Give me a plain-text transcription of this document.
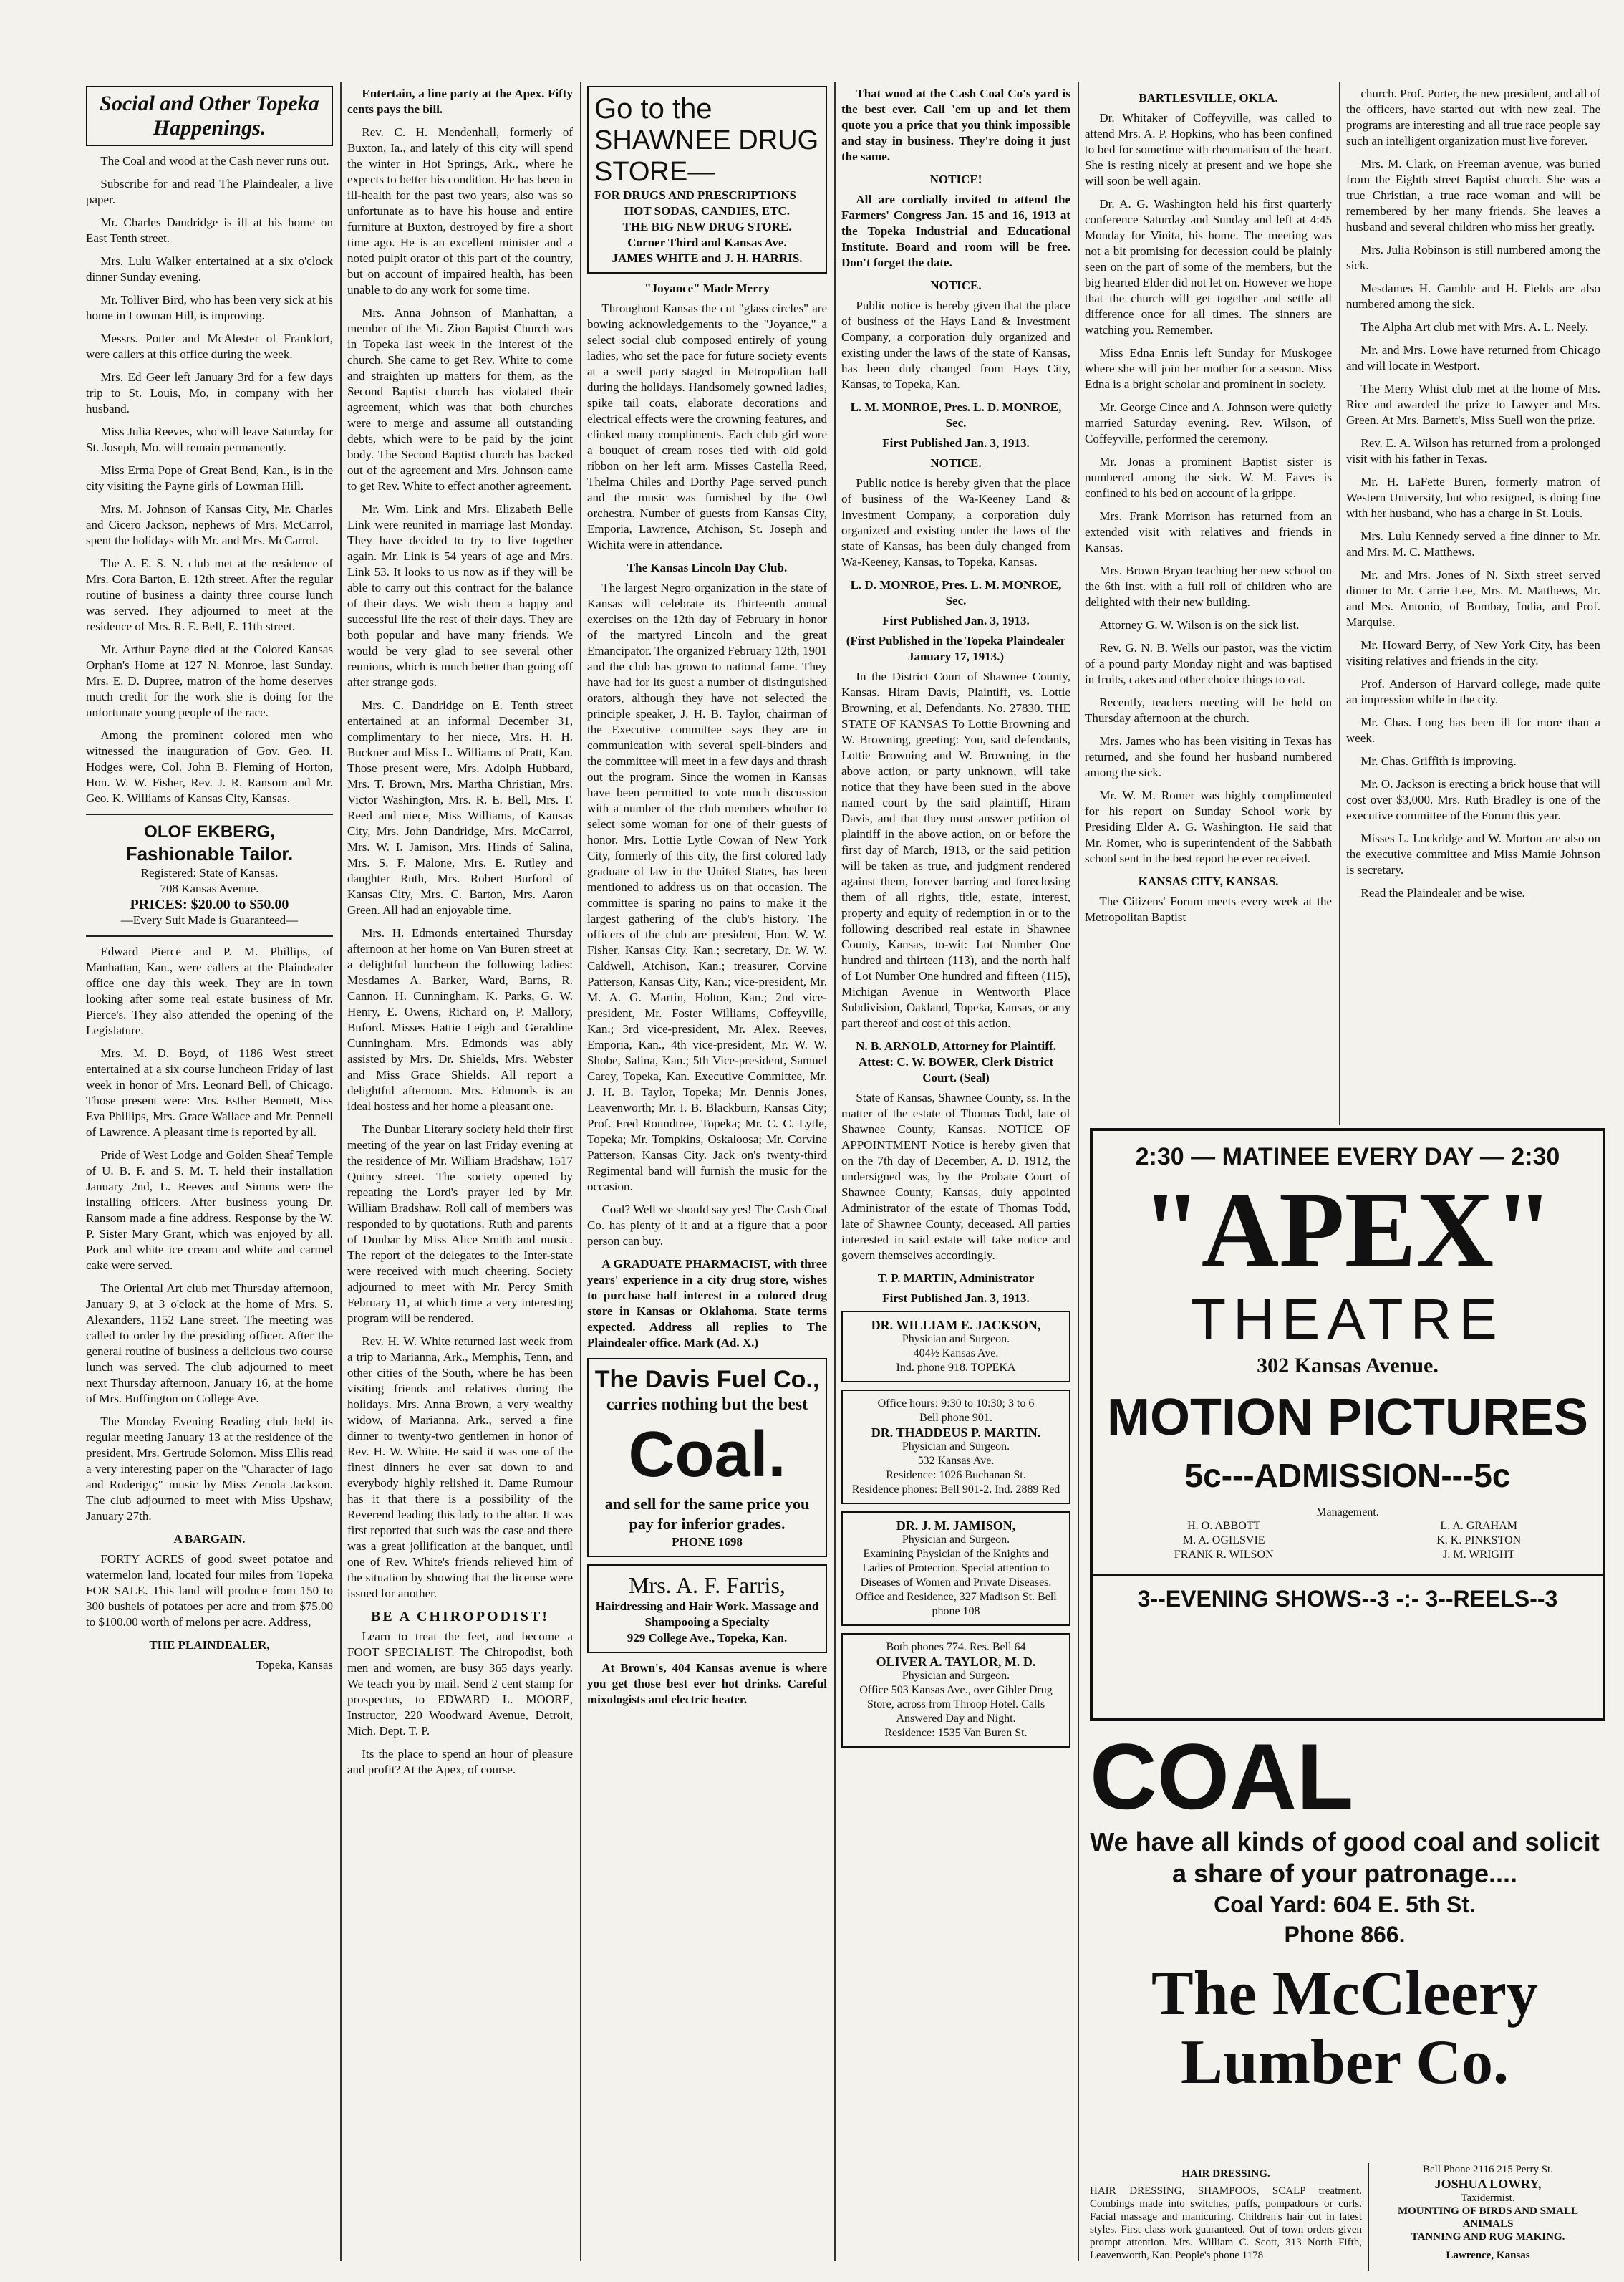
Social and Other Topeka Happenings.

The Coal and wood at the Cash never runs out.

Subscribe for and read The Plaindealer, a live paper.

Mr. Charles Dandridge is ill at his home on East Tenth street.

Mrs. Lulu Walker entertained at a six o'clock dinner Sunday evening.

Mr. Tolliver Bird, who has been very sick at his home in Lowman Hill, is improving.

Messrs. Potter and McAlester of Frankfort, were callers at this office during the week.

Mrs. Ed Geer left January 3rd for a few days trip to St. Louis, Mo, in company with her husband.

Miss Julia Reeves, who will leave Saturday for St. Joseph, Mo. will remain permanently.

Miss Erma Pope of Great Bend, Kan., is in the city visiting the Payne girls of Lowman Hill.

Mrs. M. Johnson of Kansas City, Mr. Charles and Cicero Jackson, nephews of Mrs. McCarrol, spent the holidays with Mr. and Mrs. McCarrol.

The A. E. S. N. club met at the residence of Mrs. Cora Barton, E. 12th street. After the regular routine of business a dainty three course lunch was served. They adjourned to meet at the residence of Mrs. R. E. Bell, E. 11th street.

Mr. Arthur Payne died at the Colored Kansas Orphan's Home at 127 N. Monroe, last Sunday. Mrs. E. D. Dupree, matron of the home deserves much credit for the work she is doing for the unfortunate young people of the race.

Among the prominent colored men who witnessed the inauguration of Gov. Geo. H. Hodges were, Col. John B. Fleming of Horton, Hon. W. W. Fisher, Rev. J. R. Ransom and Mr. Geo. K. Williams of Kansas City, Kansas.

OLOF EKBERG,
Fashionable Tailor.
Registered: State of Kansas.
708 Kansas Avenue.
PRICES: $20.00 to $50.00
—Every Suit Made is Guaranteed—

Edward Pierce and P. M. Phillips, of Manhattan, Kan., were callers at the Plaindealer office one day this week. They are in town looking after some real estate business of Mr. Pierce's. They also attended the opening of the Legislature.

Mrs. M. D. Boyd, of 1186 West street entertained at a six course luncheon Friday of last week in honor of Mrs. Leonard Bell, of Chicago. Those present were: Mrs. Esther Bennett, Miss Eva Phillips, Mrs. Grace Wallace and Mr. Pennell of Lawrence. A pleasant time is reported by all.

Pride of West Lodge and Golden Sheaf Temple of U. B. F. and S. M. T. held their installation January 2nd, L. Reeves and Simms were the installing officers. After business young Dr. Ransom made a fine address. Response by the W. P. Sister Mary Grant, which was enjoyed by all. Pork and white ice cream and white and carmel cake were served.

The Oriental Art club met Thursday afternoon, January 9, at 3 o'clock at the home of Mrs. S. Alexanders, 1152 Lane street. The meeting was called to order by the presiding officer. After the general routine of business a delicious two course lunch was served. The club adjourned to meet next Thursday afternoon, January 16, at the home of Mrs. Buffington on College Ave.

The Monday Evening Reading club held its regular meeting January 13 at the residence of the president, Mrs. Gertrude Solomon. Miss Ellis read a very interesting paper on the "Character of Iago and Roderigo;" music by Miss Zenola Jackson. The club adjourned to meet with Miss Upshaw, January 27th.

A BARGAIN.

FORTY ACRES of good sweet potatoe and watermelon land, located four miles from Topeka FOR SALE. This land will produce from 150 to 300 bushels of potatoes per acre and from $75.00 to $100.00 worth of melons per acre. Address,

THE PLAINDEALER,
Topeka, Kansas

Entertain, a line party at the Apex. Fifty cents pays the bill.

Rev. C. H. Mendenhall, formerly of Buxton, Ia., and lately of this city will spend the winter in Hot Springs, Ark., where he expects to better his condition. He has been in ill-health for the past two years, also was so unfortunate as to have his house and entire furniture at Buxton, destroyed by fire a short time ago. He is an excellent minister and a noted pulpit orator of this part of the country, but on account of impaired health, has been unable to do any work for some time.

Mrs. Anna Johnson of Manhattan, a member of the Mt. Zion Baptist Church was in Topeka last week in the interest of the church. She came to get Rev. White to come and straighten up matters for them, as the Second Baptist church has violated their agreement, which was that both churches were to merge and assume all outstanding debts, which were to be paid by the joint body. The Second Baptist church has backed out of the agreement and Mrs. Johnson came to get Rev. White to effect another agreement.

Mr. Wm. Link and Mrs. Elizabeth Belle Link were reunited in marriage last Monday. They have decided to try to live together again. Mr. Link is 54 years of age and Mrs. Link 53. It looks to us now as if they will be able to carry out this contract for the balance of their days. We wish them a happy and successful life the rest of their days. They are both popular and have many friends. We would be very glad to see several other reunions, which is much better than going off after strange gods.

Mrs. C. Dandridge on E. Tenth street entertained at an informal December 31, complimentary to her niece, Mrs. H. H. Buckner and Miss L. Williams of Pratt, Kan. Those present were, Mrs. Adolph Hubbard, Mrs. T. Brown, Mrs. Martha Christian, Mrs. Victor Washington, Mrs. R. E. Bell, Mrs. T. Reed and niece, Miss Williams, of Kansas City, Mrs. John Dandridge, Mrs. McCarrol, Mrs. W. I. Jamison, Mrs. Hinds of Salina, Mrs. S. F. Malone, Mrs. E. Rutley and daughter Ruth, Mrs. Robert Burford of Kansas City, Mrs. C. Barton, Mrs. Aaron Green. All had an enjoyable time.

Mrs. H. Edmonds entertained Thursday afternoon at her home on Van Buren street at a delightful luncheon the following ladies: Mesdames A. Barker, Ward, Barns, R. Cannon, H. Cunningham, K. Parks, G. W. Henry, E. Owens, Richard on, P. Mallory, Buford. Misses Hattie Leigh and Geraldine Cunningham. Mrs. Edmonds was ably assisted by Mrs. Dr. Shields, Mrs. Webster and Miss Grace Shields. All report a delightful afternoon. Mrs. Edmonds is an ideal hostess and her home a pleasant one.

The Dunbar Literary society held their first meeting of the year on last Friday evening at the residence of Mr. William Bradshaw, 1517 Quincy street. The society opened by repeating the Lord's prayer led by Mr. William Bradshaw. Roll call of members was responded to by quotations. Ruth and parents of Dunbar by Miss Alice Smith and music. The report of the delegates to the Inter-state were received with much cheering. Society adjourned to meet with Mr. Percy Smith February 11, at which time a very interesting program will be rendered.

Rev. H. W. White returned last week from a trip to Marianna, Ark., Memphis, Tenn, and other cities of the South, where he has been visiting friends and relatives during the holidays. Mrs. Anna Brown, a very wealthy widow, of Marianna, Ark., served a fine dinner to twenty-two gentlemen in honor of Rev. H. W. White. He said it was one of the finest dinners he ever sat down to and everybody highly relished it. Dame Rumour has it that there is a possibility of the Reverend leading this lady to the altar. It was first reported that such was the case and there was a great jollification at the banquet, until one of Rev. White's friends relieved him of the situation by showing that the license were issued for another.

BE A CHIROPODIST!

Learn to treat the feet, and become a FOOT SPECIALIST. The Chiropodist, both men and women, are busy 365 days yearly. We teach you by mail. Send 2 cent stamp for prospectus, to EDWARD L. MOORE, Instructor, 220 Woodward Avenue, Detroit, Mich. Dept. T. P.

Its the place to spend an hour of pleasure and profit? At the Apex, of course.

Go to the
SHAWNEE DRUG STORE—
FOR DRUGS AND PRESCRIPTIONS
HOT SODAS, CANDIES, ETC.
THE BIG NEW DRUG STORE.
Corner Third and Kansas Ave.
JAMES WHITE and J. H. HARRIS.
"Joyance" Made Merry

Throughout Kansas the cut "glass circles" are bowing acknowledgements to the "Joyance," a select social club composed entirely of young ladies, who set the pace for future society events at a swell party staged in Metropolitan hall during the holidays. Handsomely gowned ladies, spike tail coats, elaborate decorations and electrical effects were the crowning features, and clinked many compliments. Each club girl wore a bouquet of cream roses tied with old gold ribbon on her left arm. Misses Castella Reed, Thelma Chiles and Dorthy Page served punch and the music was furnished by the Owl orchestra. Number of guests from Kansas City, Emporia, Lawrence, Atchison, St. Joseph and Wichita were in attendance.

The Kansas Lincoln Day Club.

The largest Negro organization in the state of Kansas will celebrate its Thirteenth annual exercises on the 12th day of February in honor of the martyred Lincoln and the great Emancipator. The organized February 12th, 1901 and the club has grown to national fame. They have had for its guest a number of distinguished orators, although they have not selected the principle speaker, J. H. B. Taylor, chairman of the Executive committee says they are in communication with several spell-binders and the committee will meet in a few days and thrash out the program. Since the women in Kansas have been permitted to vote much discussion with a number of the club members whether to select some woman for one of their guests of honor. Mrs. Lottie Lytle Cowan of New York City, formerly of this city, the first colored lady graduate of law in the United States, has been mentioned to address us on that occasion. The committee is sparing no pains to make it the largest gathering of the club's history. The officers of the club are president, Hon. W. W. Fisher, Kansas City, Kan.; secretary, Dr. W. W. Caldwell, Atchison, Kan.; treasurer, Corvine Patterson, Kansas City, Kan.; vice-president, Mr. M. A. G. Martin, Holton, Kan.; 2nd vice-president, Mr. Foster Williams, Coffeyville, Kan.; 3rd vice-president, Mr. Alex. Reeves, Emporia, Kan., 4th vice-president, Mr. W. W. Shobe, Salina, Kan.; 5th Vice-president, Samuel Carey, Topeka, Kan. Executive Committee, Mr. J. H. B. Taylor, Topeka; Mr. Dennis Jones, Leavenworth; Mr. I. B. Blackburn, Kansas City; Prof. Fred Roundtree, Topeka; Mr. C. C. Lytle, Topeka; Mr. Tompkins, Oskaloosa; Mr. Corvine Patterson, Kansas City. Jack on's twenty-third Regimental band will furnish the music for the occasion.

Coal? Well we should say yes! The Cash Coal Co. has plenty of it and at a figure that a poor person can buy.

A GRADUATE PHARMACIST, with three years' experience in a city drug store, wishes to purchase half interest in a colored drug store in Kansas or Oklahoma. State terms expected. Address all replies to The Plaindealer office. Mark (Ad. X.)

The Davis Fuel Co.,
carries nothing but the best
Coal.
and sell for the same price you pay for inferior grades.
PHONE 1698
Mrs. A. F. Farris,
Hairdressing and Hair Work. Massage and Shampooing a Specialty
929 College Ave., Topeka, Kan.

At Brown's, 404 Kansas avenue is where you get those best ever hot drinks. Careful mixologists and electric heater.

That wood at the Cash Coal Co's yard is the best ever. Call 'em up and let them quote you a price that you think impossible and stay in business. They're doing it just the same.

NOTICE!

All are cordially invited to attend the Farmers' Congress Jan. 15 and 16, 1913 at the Topeka Industrial and Educational Institute. Board and room will be free. Don't forget the date.

NOTICE.

Public notice is hereby given that the place of business of the Hays Land & Investment Company, a corporation duly organized and existing under the laws of the state of Kansas, has been duly changed from Hays City, Kansas, to Topeka, Kan.

L. M. MONROE, Pres. L. D. MONROE, Sec.
First Published Jan. 3, 1913.
NOTICE.

Public notice is hereby given that the place of business of the Wa-Keeney Land & Investment Company, a corporation duly organized and existing under the laws of the state of Kansas, has been duly changed from Wa-Keeney, Kansas, to Topeka, Kansas.

L. D. MONROE, Pres. L. M. MONROE, Sec.
First Published Jan. 3, 1913.
(First Published in the Topeka Plaindealer January 17, 1913.)

In the District Court of Shawnee County, Kansas. Hiram Davis, Plaintiff, vs. Lottie Browning, et al, Defendants. No. 27830. THE STATE OF KANSAS To Lottie Browning and W. Browning, greeting: You, said defendants, Lottie Browning and W. Browning, in the above action, or party unknown, will take notice that they have been sued in the above named court by the said plaintiff, Hiram Davis, and that they must answer petition of plaintiff in the above action, on or before the first day of March, 1913, or the said petition will be taken as true, and judgment rendered against them, forever barring and foreclosing them of all rights, title, estate, interest, property and equity of redemption in or to the following described real estate in Shawnee County, Kansas, to-wit: Lot Number One hundred and thirteen (113), and the north half of Lot Number One hundred and fifteen (115), Michigan Avenue in Wentworth Place Subdivision, Oakland, Topeka, Kansas, or any part thereof and cost of this action.

N. B. ARNOLD, Attorney for Plaintiff. Attest: C. W. BOWER, Clerk District Court. (Seal)

State of Kansas, Shawnee County, ss. In the matter of the estate of Thomas Todd, late of Shawnee County, Kansas. NOTICE OF APPOINTMENT Notice is hereby given that on the 7th day of December, A. D. 1912, the undersigned was, by the Probate Court of Shawnee County, Kansas, duly appointed Administrator of the estate of Thomas Todd, late of Shawnee County, deceased. All parties interested in said estate will take notice and govern themselves accordingly.

T. P. MARTIN, Administrator
First Published Jan. 3, 1913.
DR. WILLIAM E. JACKSON,
Physician and Surgeon.
404½ Kansas Ave.
Ind. phone 918. TOPEKA
Office hours: 9:30 to 10:30; 3 to 6
Bell phone 901.
DR. THADDEUS P. MARTIN.
Physician and Surgeon.
532 Kansas Ave.
Residence: 1026 Buchanan St.
Residence phones: Bell 901-2. Ind. 2889 Red
DR. J. M. JAMISON,
Physician and Surgeon.
Examining Physician of the Knights and Ladies of Protection. Special attention to Diseases of Women and Private Diseases. Office and Residence, 327 Madison St. Bell phone 108
Both phones 774. Res. Bell 64
OLIVER A. TAYLOR, M. D.
Physician and Surgeon.
Office 503 Kansas Ave., over Gibler Drug Store, across from Throop Hotel. Calls Answered Day and Night.
Residence: 1535 Van Buren St.
BARTLESVILLE, OKLA.

Dr. Whitaker of Coffeyville, was called to attend Mrs. A. P. Hopkins, who has been confined to bed for sometime with rheumatism of the heart. She is resting nicely at present and we hope she will soon be well again.

Dr. A. G. Washington held his first quarterly conference Saturday and Sunday and left at 4:45 Monday for Vinita, his home. The meeting was not a bit promising for decession could be plainly seen on the part of some of the members, but the big hearted Elder did not let on. However we hope that the church will get together and settle all difference once for all times. The sinners are watching you. Remember.

Miss Edna Ennis left Sunday for Muskogee where she will join her mother for a season. Miss Edna is a bright scholar and prominent in society.

Mr. George Cince and A. Johnson were quietly married Saturday evening. Rev. Wilson, of Coffeyville, performed the ceremony.

Mr. Jonas a prominent Baptist sister is numbered among the sick. W. M. Eaves is confined to his bed on account of la grippe.

Mrs. Frank Morrison has returned from an extended visit with relatives and friends in Kansas.

Mrs. Brown Bryan teaching her new school on the 6th inst. with a full roll of children who are delighted with their new building.

Attorney G. W. Wilson is on the sick list.

Rev. G. N. B. Wells our pastor, was the victim of a pound party Monday night and was baptised in fruits, cakes and other choice things to eat.

Recently, teachers meeting will be held on Thursday afternoon at the church.

Mrs. James who has been visiting in Texas has returned, and she found her husband numbered among the sick.

Mr. W. M. Romer was highly complimented for his report on Sunday School work by Presiding Elder A. G. Washington. He said that Mr. Romer, who is superintendent of the Sabbath school sent in the best report he ever received.

KANSAS CITY, KANSAS.

The Citizens' Forum meets every week at the Metropolitan Baptist

church. Prof. Porter, the new president, and all of the officers, have started out with new zeal. The programs are interesting and all true race people say such an intelligent organization must live forever.

Mrs. M. Clark, on Freeman avenue, was buried from the Eighth street Baptist church. She was a true Christian, a true race woman and will be remembered by her many friends. She leaves a husband and several children who miss her greatly.

Mrs. Julia Robinson is still numbered among the sick.

Mesdames H. Gamble and H. Fields are also numbered among the sick.

The Alpha Art club met with Mrs. A. L. Neely.

Mr. and Mrs. Lowe have returned from Chicago and will locate in Westport.

The Merry Whist club met at the home of Mrs. Rice and awarded the prize to Lawyer and Mrs. Green. At Mrs. Barnett's, Miss Suell won the prize.

Rev. E. A. Wilson has returned from a prolonged visit with his father in Texas.

Mr. H. LaFette Buren, formerly matron of Western University, but who resigned, is doing fine with her husband, who has a charge in St. Louis.

Mrs. Lulu Kennedy served a fine dinner to Mr. and Mrs. M. C. Matthews.

Mr. and Mrs. Jones of N. Sixth street served dinner to Mr. Carrie Lee, Mrs. M. Matthews, Mr. and Mrs. Antonio, of Bombay, India, and Prof. Marquise.

Mr. Howard Berry, of New York City, has been visiting relatives and friends in the city.

Prof. Anderson of Harvard college, made quite an impression while in the city.

Mr. Chas. Long has been ill for more than a week.

Mr. Chas. Griffith is improving.

Mr. O. Jackson is erecting a brick house that will cost over $3,000. Mrs. Ruth Bradley is one of the executive committee of the Forum this year.

Misses L. Lockridge and W. Morton are also on the executive committee and Miss Mamie Johnson is secretary.

Read the Plaindealer and be wise.

2:30 — MATINEE EVERY DAY — 2:30
"APEX"
THEATRE
302 Kansas Avenue.
MOTION PICTURES
5c---ADMISSION---5c
Management.
H. O. ABBOTT
M. A. OGILSVIE
FRANK R. WILSON
L. A. GRAHAM
K. K. PINKSTON
J. M. WRIGHT
3--EVENING SHOWS--3 -:- 3--REELS--3
COAL
We have all kinds of good coal and solicit a share of your patronage....
Coal Yard: 604 E. 5th St.
Phone 866.
The McCleery Lumber Co.
HAIR DRESSING.
HAIR DRESSING, SHAMPOOS, SCALP treatment. Combings made into switches, puffs, pompadours or curls. Facial massage and manicuring. Children's hair cut in latest styles. First class work guaranteed. Out of town orders given prompt attention. Mrs. William C. Scott, 313 North Fifth, Leavenworth, Kan. People's phone 1178
Bell Phone 2116 215 Perry St.
JOSHUA LOWRY,
Taxidermist.
MOUNTING OF BIRDS AND SMALL ANIMALS
TANNING AND RUG MAKING.
Lawrence, Kansas
